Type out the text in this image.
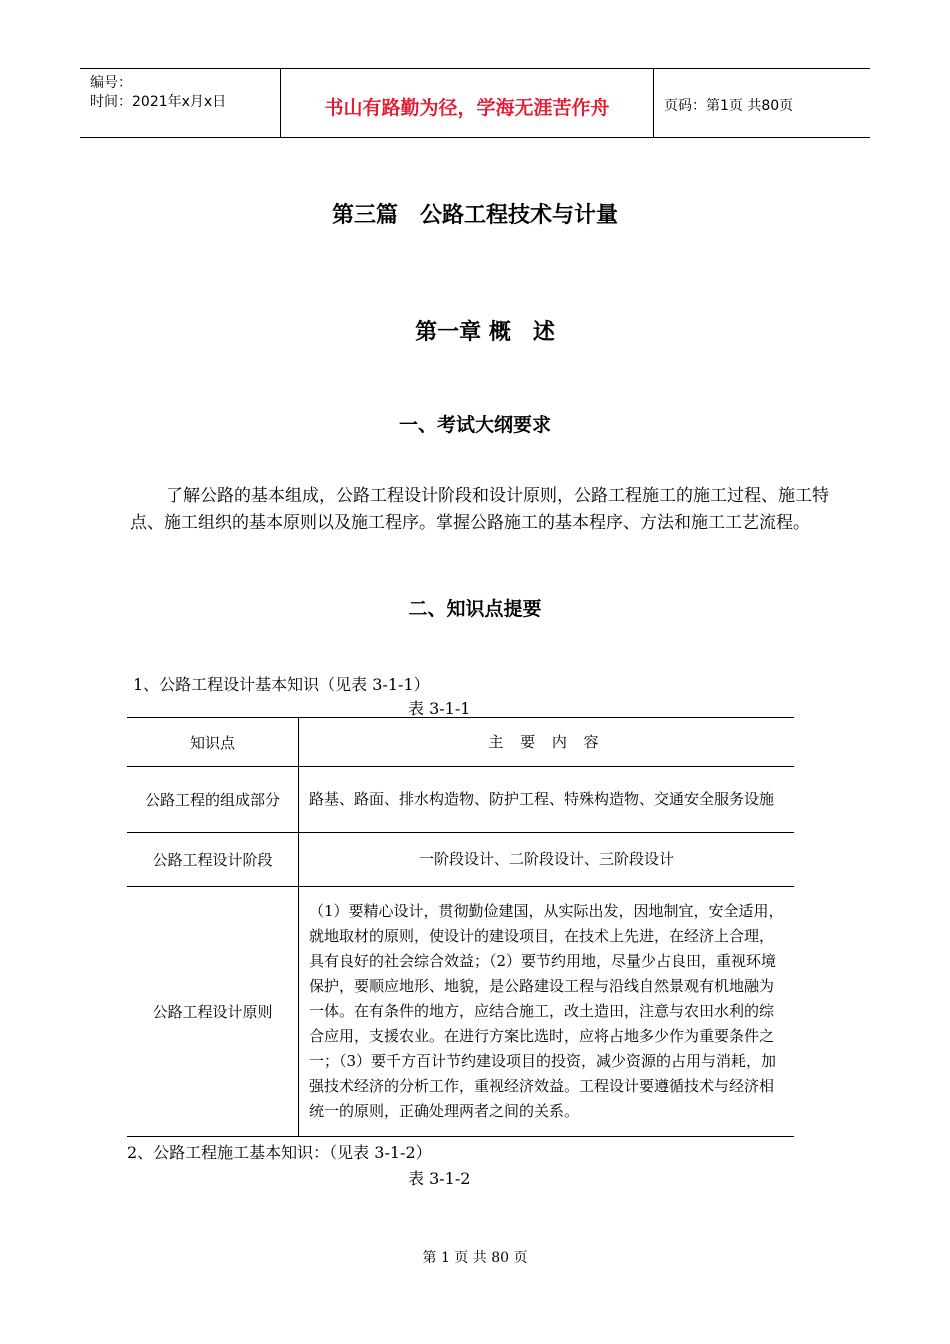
编号：
时间：2021年x月x日	书山有路勤为径，学海无涯苦作舟	页码：第1页 共80页
第三篇　公路工程技术与计量
第一章 概　述
一、考试大纲要求
了解公路的基本组成，公路工程设计阶段和设计原则，公路工程施工的施工过程、施工特点、施工组织的基本原则以及施工程序。掌握公路施工的基本程序、方法和施工工艺流程。
二、知识点提要
1、公路工程设计基本知识（见表 3-1-1）
表 3-1-1
知识点	主 要 内 容
公路工程的组成部分	路基、路面、排水构造物、防护工程、特殊构造物、交通安全服务设施
公路工程设计阶段	一阶段设计、二阶段设计、三阶段设计
公路工程设计原则	（1）要精心设计，贯彻勤俭建国，从实际出发，因地制宜，安全适用，就地取材的原则，使设计的建设项目，在技术上先进，在经济上合理，具有良好的社会综合效益；（2）要节约用地，尽量少占良田，重视环境保护，要顺应地形、地貌，是公路建设工程与沿线自然景观有机地融为一体。在有条件的地方，应结合施工，改土造田，注意与农田水利的综合应用，支援农业。在进行方案比选时，应将占地多少作为重要条件之一；（3）要千方百计节约建设项目的投资，减少资源的占用与消耗，加强技术经济的分析工作，重视经济效益。工程设计要遵循技术与经济相统一的原则，正确处理两者之间的关系。
2、公路工程施工基本知识：（见表 3-1-2）
表 3-1-2
第 1 页 共 80 页
